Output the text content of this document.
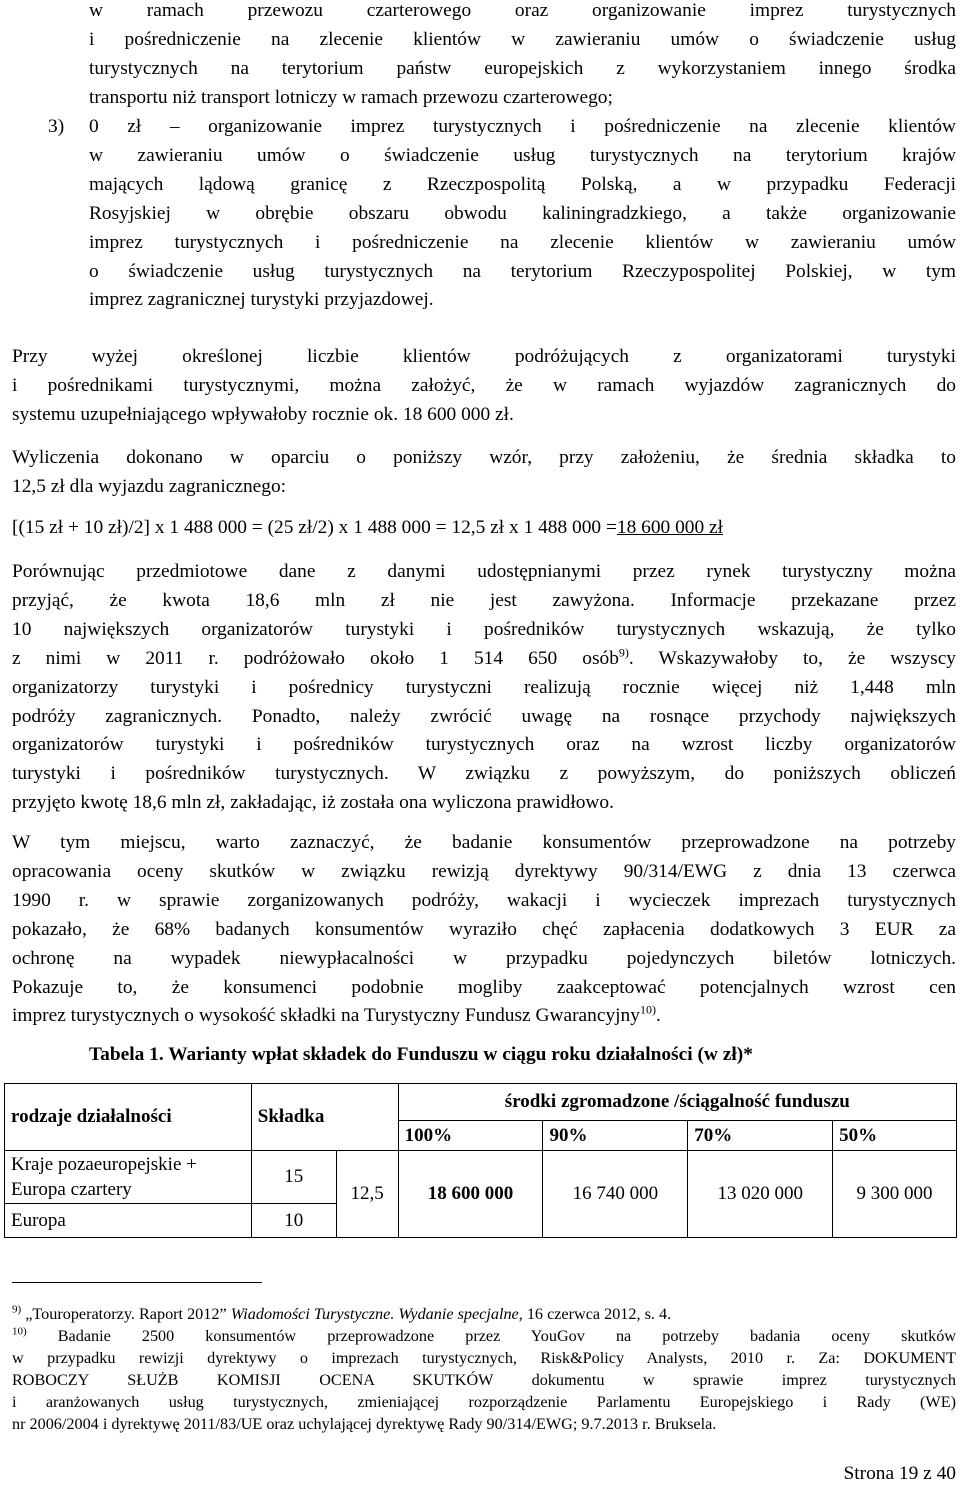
w ramach przewozu czarterowego oraz organizowanie imprez turystycznych
i pośredniczenie na zlecenie klientów w zawieraniu umów o świadczenie usług
turystycznych na terytorium państw europejskich z wykorzystaniem innego środka
transportu niż transport lotniczy w ramach przewozu czarterowego;
3) 0 zł – organizowanie imprez turystycznych i pośredniczenie na zlecenie klientów
w zawieraniu umów o świadczenie usług turystycznych na terytorium krajów
mających lądową granicę z Rzeczpospolitą Polską, a w przypadku Federacji
Rosyjskiej w obrębie obszaru obwodu kaliningradzkiego, a także organizowanie
imprez turystycznych i pośredniczenie na zlecenie klientów w zawieraniu umów
o świadczenie usług turystycznych na terytorium Rzeczypospolitej Polskiej, w tym
imprez zagranicznej turystyki przyjazdowej.
Przy wyżej określonej liczbie klientów podróżujących z organizatorami turystyki
i pośrednikami turystycznymi, można założyć, że w ramach wyjazdów zagranicznych do
systemu uzupełniającego wpływałoby rocznie ok. 18 600 000 zł.
Wyliczenia dokonano w oparciu o poniższy wzór, przy założeniu, że średnia składka to
12,5 zł dla wyjazdu zagranicznego:
[(15 zł + 10 zł)/2] x 1 488 000 = (25 zł/2) x 1 488 000 = 12,5 zł x 1 488 000 =18 600 000 zł
Porównując przedmiotowe dane z danymi udostępnianymi przez rynek turystyczny można
przyjąć, że kwota 18,6 mln zł nie jest zawyżona. Informacje przekazane przez
10 największych organizatorów turystyki i pośredników turystycznych wskazują, że tylko
z nimi w 2011 r. podróżowało około 1 514 650 osób$^{9)}$. Wskazywałoby to, że wszyscy
organizatorzy turystyki i pośrednicy turystyczni realizują rocznie więcej niż 1,448 mln
podróży zagranicznych. Ponadto, należy zwrócić uwagę na rosnące przychody największych
organizatorów turystyki i pośredników turystycznych oraz na wzrost liczby organizatorów
turystyki i pośredników turystycznych. W związku z powyższym, do poniższych obliczeń
przyjęto kwotę 18,6 mln zł, zakładając, iż została ona wyliczona prawidłowo.
W tym miejscu, warto zaznaczyć, że badanie konsumentów przeprowadzone na potrzeby
opracowania oceny skutków w związku rewizją dyrektywy 90/314/EWG z dnia 13 czerwca
1990 r. w sprawie zorganizowanych podróży, wakacji i wycieczek imprezach turystycznych
pokazało, że 68% badanych konsumentów wyraziło chęć zapłacenia dodatkowych 3 EUR za
ochronę na wypadek niewypłacalności w przypadku pojedynczych biletów lotniczych.
Pokazuje to, że konsumenci podobnie mogliby zaakceptować potencjalnych wzrost cen
imprez turystycznych o wysokość składki na Turystyczny Fundusz Gwarancyjny$^{10)}$.
Tabela 1. Warianty wpłat składek do Funduszu w ciągu roku działalności (w zł)*
rodzaje działalności	Składka		środki zgromadzone /ściągalność funduszu			
			100%	90%	70%	50%
Kraje pozaeuropejskie + Europa czartery	15	12,5	18 600 000	16 740 000	13 020 000	9 300 000
Europa	10					

$^{9)}$ „Touroperatorzy. Raport 2012” Wiadomości Turystyczne. Wydanie specjalne, 16 czerwca 2012, s. 4.

$^{10)}$ Badanie 2500 konsumentów przeprowadzone przez YouGov na potrzeby badania oceny skutków

w przypadku rewizji dyrektywy o imprezach turystycznych, Risk&Policy Analysts, 2010 r. Za: DOKUMENT

ROBOCZY SŁUŻB KOMISJI OCENA SKUTKÓW dokumentu w sprawie imprez turystycznych

i aranżowanych usług turystycznych, zmieniającej rozporządzenie Parlamentu Europejskiego i Rady (WE)

nr 2006/2004 i dyrektywę 2011/83/UE oraz uchylającej dyrektywę Rady 90/314/EWG; 9.7.2013 r. Bruksela.

Strona 19 z 40
